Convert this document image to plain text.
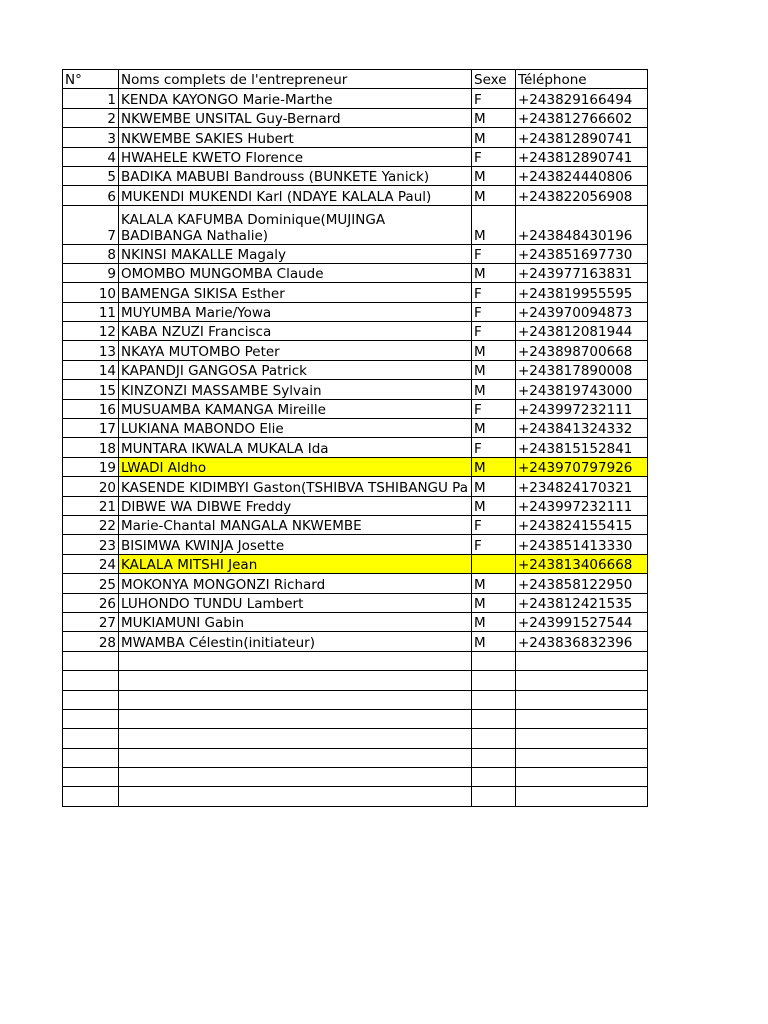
N°	Noms complets de l'entrepreneur	Sexe	Téléphone
1	KENDA KAYONGO Marie-Marthe	F	+243829166494
2	NKWEMBE UNSITAL Guy-Bernard	M	+243812766602
3	NKWEMBE SAKIES Hubert	M	+243812890741
4	HWAHELE KWETO Florence	F	+243812890741
5	BADIKA MABUBI Bandrouss (BUNKETE Yanick)	M	+243824440806
6	MUKENDI MUKENDI Karl (NDAYE KALALA Paul)	M	+243822056908
7	KALALA KAFUMBA Dominique(MUJINGA BADIBANGA Nathalie)	M	+243848430196
8	NKINSI MAKALLE Magaly	F	+243851697730
9	OMOMBO MUNGOMBA Claude	M	+243977163831
10	BAMENGA SIKISA Esther	F	+243819955595
11	MUYUMBA Marie/Yowa	F	+243970094873
12	KABA NZUZI Francisca	F	+243812081944
13	NKAYA MUTOMBO Peter	M	+243898700668
14	KAPANDJI GANGOSA Patrick	M	+243817890008
15	KINZONZI MASSAMBE Sylvain	M	+243819743000
16	MUSUAMBA KAMANGA Mireille	F	+243997232111
17	LUKIANA MABONDO Elie	M	+243841324332
18	MUNTARA IKWALA MUKALA Ida	F	+243815152841
19	LWADI Aldho	M	+243970797926
20	KASENDE KIDIMBYI Gaston(TSHIBVA TSHIBANGU Pa	M	+234824170321
21	DIBWE WA DIBWE Freddy	M	+243997232111
22	Marie-Chantal MANGALA NKWEMBE	F	+243824155415
23	BISIMWA KWINJA Josette	F	+243851413330
24	KALALA MITSHI Jean		+243813406668
25	MOKONYA MONGONZI Richard	M	+243858122950
26	LUHONDO TUNDU Lambert	M	+243812421535
27	MUKIAMUNI Gabin	M	+243991527544
28	MWAMBA Célestin(initiateur)	M	+243836832396
